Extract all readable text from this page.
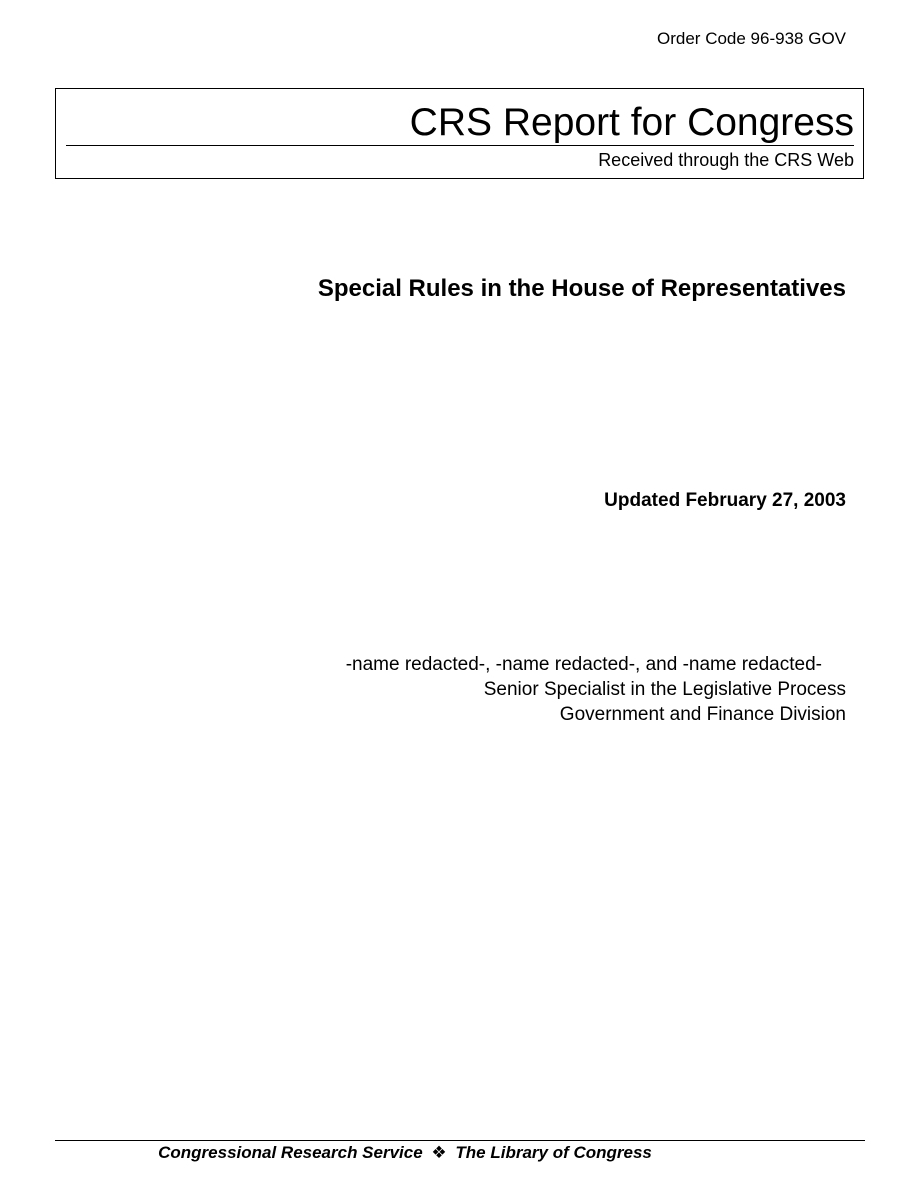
Order Code 96-938 GOV
CRS Report for Congress
Received through the CRS Web
Special Rules in the House of Representatives
Updated February 27, 2003
-name redacted-, -name redacted-, and -name redacted-
Senior Specialist in the Legislative Process
Government and Finance Division
Congressional Research Service ❖ The Library of Congress
